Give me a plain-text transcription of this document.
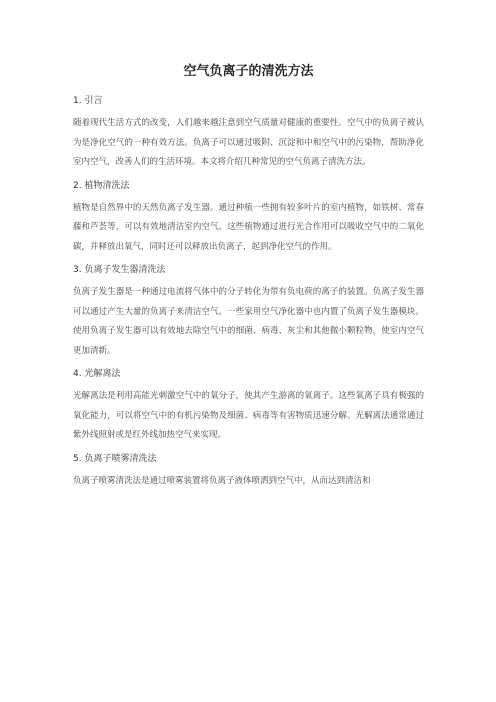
空气负离子的清洗方法

1. 引言

随着现代生活方式的改变，人们越来越注意到空气质量对健康的重要性。空气中的负离子被认为是净化空气的一种有效方法。负离子可以通过吸附、沉淀和中和空气中的污染物，帮助净化室内空气，改善人们的生活环境。本文将介绍几种常见的空气负离子清洗方法。

2. 植物清洗法

植物是自然界中的天然负离子发生器。通过种植一些拥有较多叶片的室内植物，如铁树、常春藤和芦荟等，可以有效地清洁室内空气。这些植物通过进行光合作用可以吸收空气中的二氧化碳，并释放出氧气，同时还可以释放出负离子，起到净化空气的作用。

3. 负离子发生器清洗法

负离子发生器是一种通过电流将气体中的分子转化为带有负电荷的离子的装置。负离子发生器可以通过产生大量的负离子来清洁空气。一些家用空气净化器中也内置了负离子发生器模块。使用负离子发生器可以有效地去除空气中的细菌、病毒、灰尘和其他微小颗粒物，使室内空气更加清新。

4. 光解离法

光解离法是利用高能光刺激空气中的氧分子，使其产生游离的氧离子。这些氧离子具有极强的氧化能力，可以将空气中的有机污染物及细菌、病毒等有害物质迅速分解。光解离法通常通过紫外线照射或是红外线加热空气来实现。

5. 负离子喷雾清洗法

负离子喷雾清洗法是通过喷雾装置将负离子液体喷洒到空气中，从而达到清洁和
